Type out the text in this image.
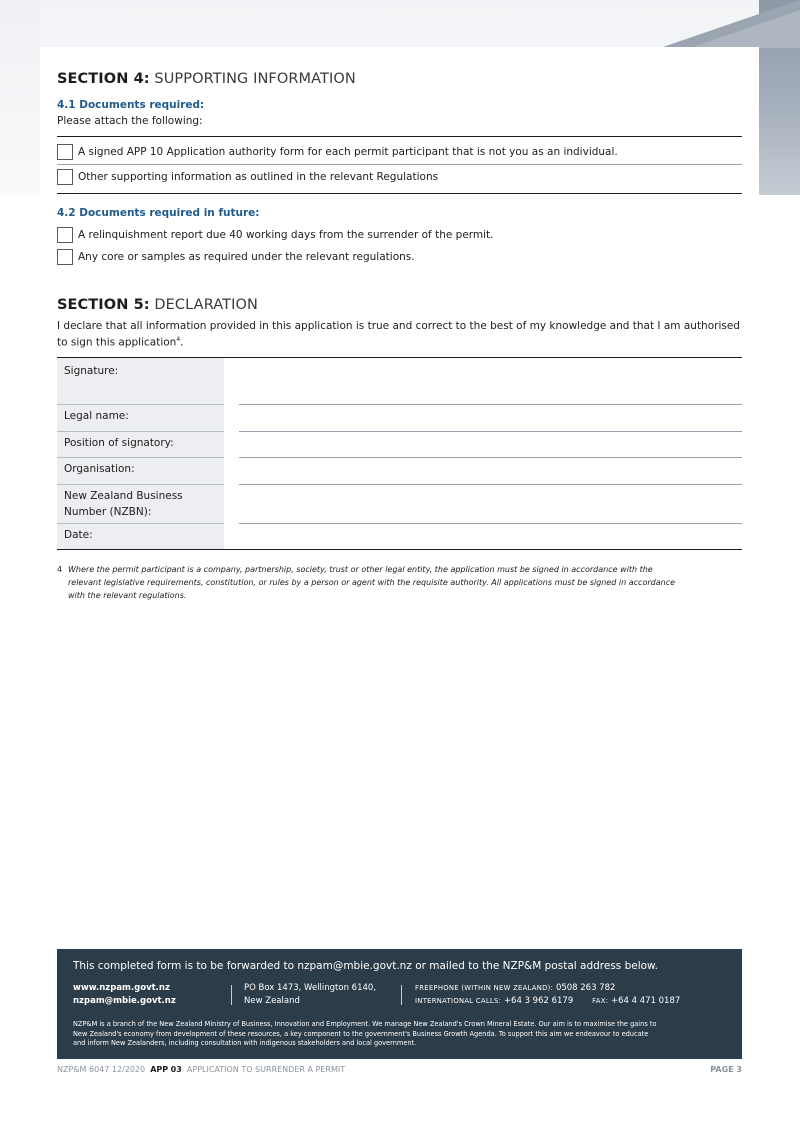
SECTION 4: SUPPORTING INFORMATION
4.1 Documents required:
Please attach the following:
A signed APP 10 Application authority form for each permit participant that is not you as an individual.
Other supporting information as outlined in the relevant Regulations
4.2 Documents required in future:
A relinquishment report due 40 working days from the surrender of the permit.
Any core or samples as required under the relevant regulations.
SECTION 5: DECLARATION
I declare that all information provided in this application is true and correct to the best of my knowledge and that I am authorised
to sign this application$^4$.
Signature:
Legal name:
Position of signatory:
Organisation:
New Zealand Business
Number (NZBN):
Date:
4 Where the permit participant is a company, partnership, society, trust or other legal entity, the application must be signed in accordance with the
relevant legislative requirements, constitution, or rules by a person or agent with the requisite authority. All applications must be signed in accordance
with the relevant regulations.
This completed form is to be forwarded to nzpam@mbie.govt.nz or mailed to the NZP&M postal address below.
www.nzpam.govt.nz
nzpam@mbie.govt.nz
PO Box 1473, Wellington 6140,
New Zealand
FREEPHONE (WITHIN NEW ZEALAND): 0508 263 782
INTERNATIONAL CALLS: +64 3 962 6179	FAX: +64 4 471 0187
NZP&M is a branch of the New Zealand Ministry of Business, Innovation and Employment. We manage New Zealand's Crown Mineral Estate. Our aim is to maximise the gains to
New Zealand's economy from development of these resources, a key component to the government's Business Growth Agenda. To support this aim we endeavour to educate
and inform New Zealanders, including consultation with indigenous stakeholders and local government.
NZP&M 6047 12/2020 APP 03 APPLICATION TO SURRENDER A PERMIT	PAGE 3
